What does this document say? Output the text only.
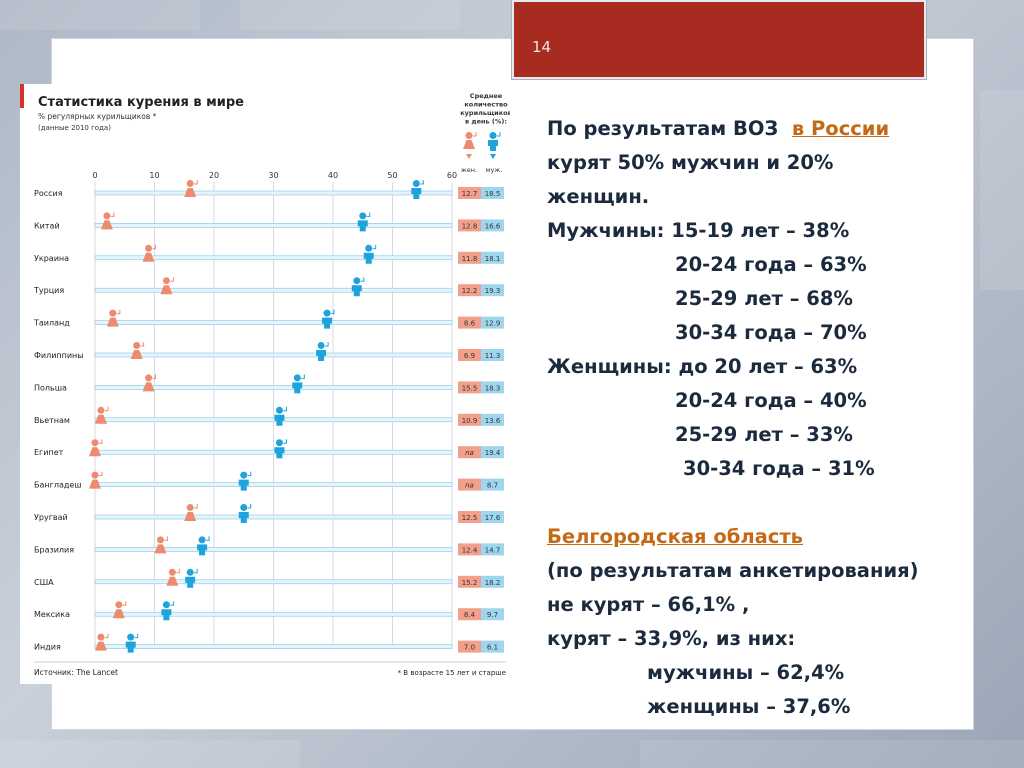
14
Статистика курения в мире
% регулярных курильщиков *
(данные 2010 года)
Среднее
количество
курильщиков
в день (%):
жен. муж.
0	10	20	30	40	50	60
Россия	12.7 18.5
Китай	12.8 16.6
Украина	11.8 18.1
Турция	12.2 19.3
Таиланд	8.6 12.9
Филиппины	6.9 11.3
Польша	15.5 18.3
Вьетнам	10.9 13.6
Египет	na 19.4
Бангладеш	na 8.7
Уругвай	12.5 17.6
Бразилия	12.4 14.7
США	15.2 18.2
Мексика	8.4 9.7
Индия	7.0 6.1
Источник: The Lancet	* В возрасте 15 лет и старше
По результатам ВОЗ в России
курят 50% мужчин и 20%
женщин.
Мужчины: 15-19 лет – 38%
20-24 года – 63%
25-29 лет – 68%
30-34 года – 70%
Женщины: до 20 лет – 63%
20-24 года – 40%
25-29 лет – 33%
30-34 года – 31%
Белгородская область
(по результатам анкетирования)
не курят – 66,1% ,
курят – 33,9%, из них:
мужчины – 62,4%
женщины – 37,6%
